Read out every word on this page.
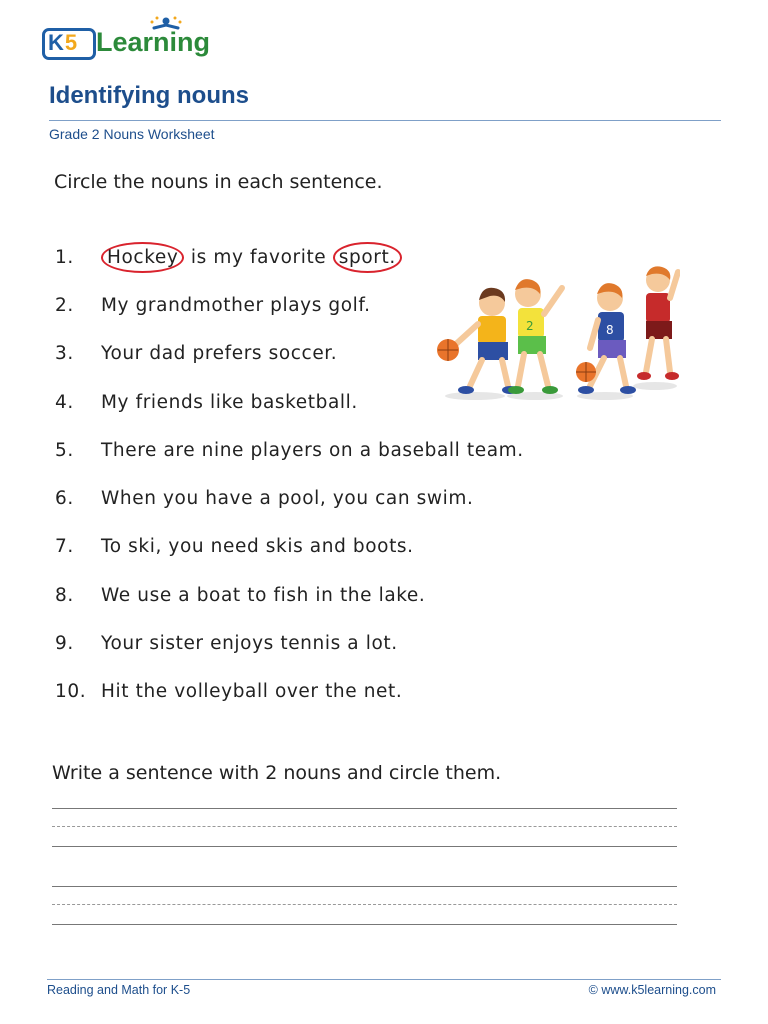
K5 Learning
Identifying nouns
Grade 2 Nouns Worksheet
Circle the nouns in each sentence.
1. Hockey is my favorite sport.
2. My grandmother plays golf.
3. Your dad prefers soccer.
4. My friends like basketball.
5. There are nine players on a baseball team.
6. When you have a pool, you can swim.
7. To ski, you need skis and boots.
8. We use a boat to fish in the lake.
9. Your sister enjoys tennis a lot.
10. Hit the volleyball over the net.
2	8
Write a sentence with 2 nouns and circle them.
Reading and Math for K-5	© www.k5learning.com
